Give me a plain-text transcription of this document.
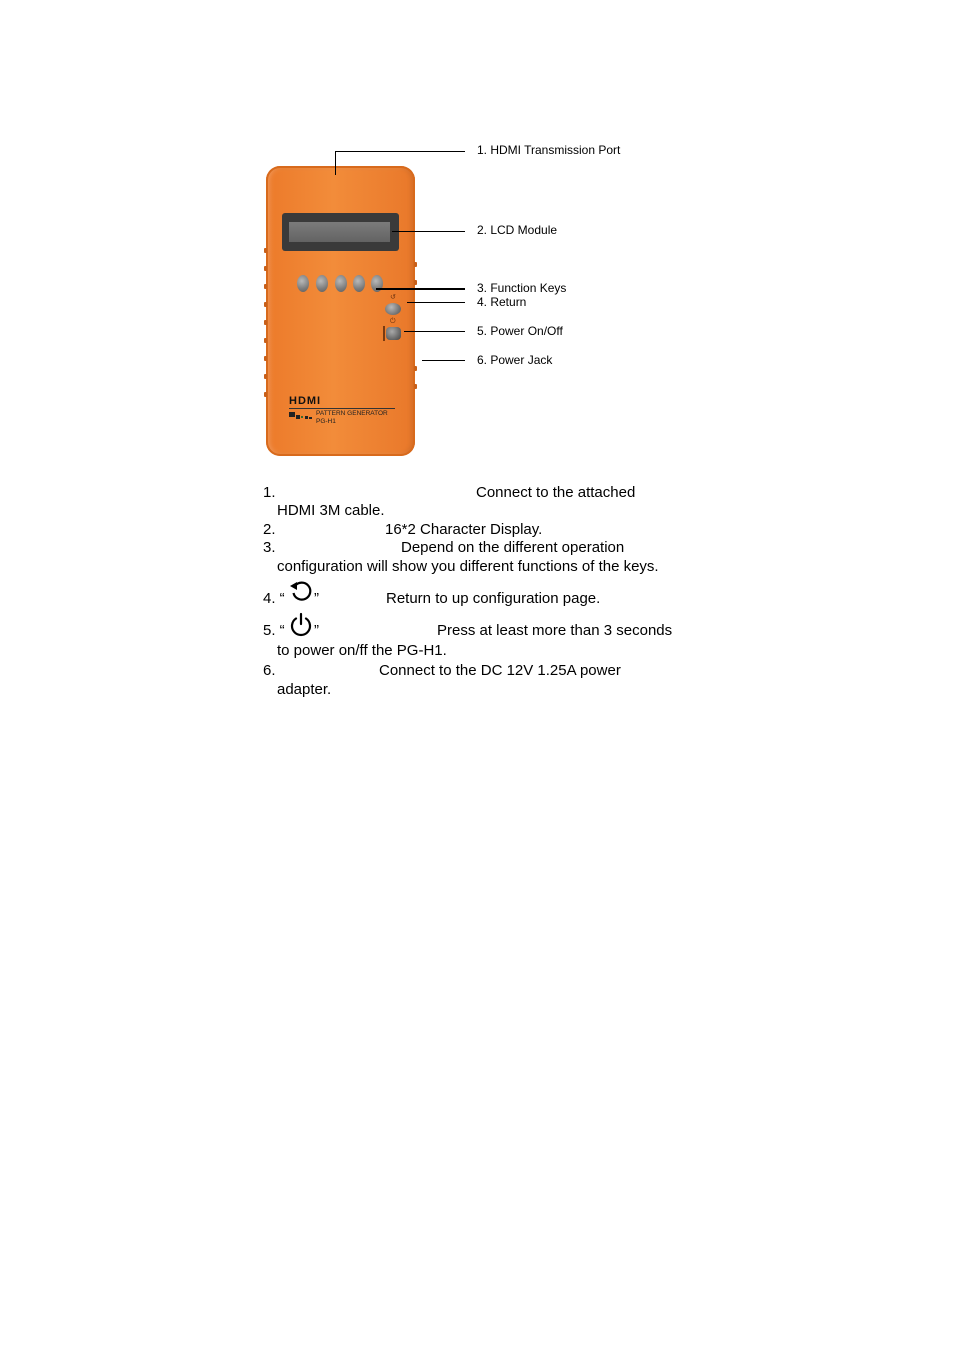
↺
⏻
HDMI
PATTERN GENERATOR
PG-H1
1. HDMI Transmission Port
2. LCD Module
3. Function Keys
4. Return
5. Power On/Off
6. Power Jack
1.	Connect to the attached
HDMI 3M cable.
2.	16*2 Character Display.
3.	Depend on the different operation
configuration will show you different functions of the keys.
4. “ ”	Return to up configuration page.
5. “ ”	Press at least more than 3 seconds
to power on/ff the PG-H1.
6.	Connect to the DC 12V 1.25A power
adapter.
